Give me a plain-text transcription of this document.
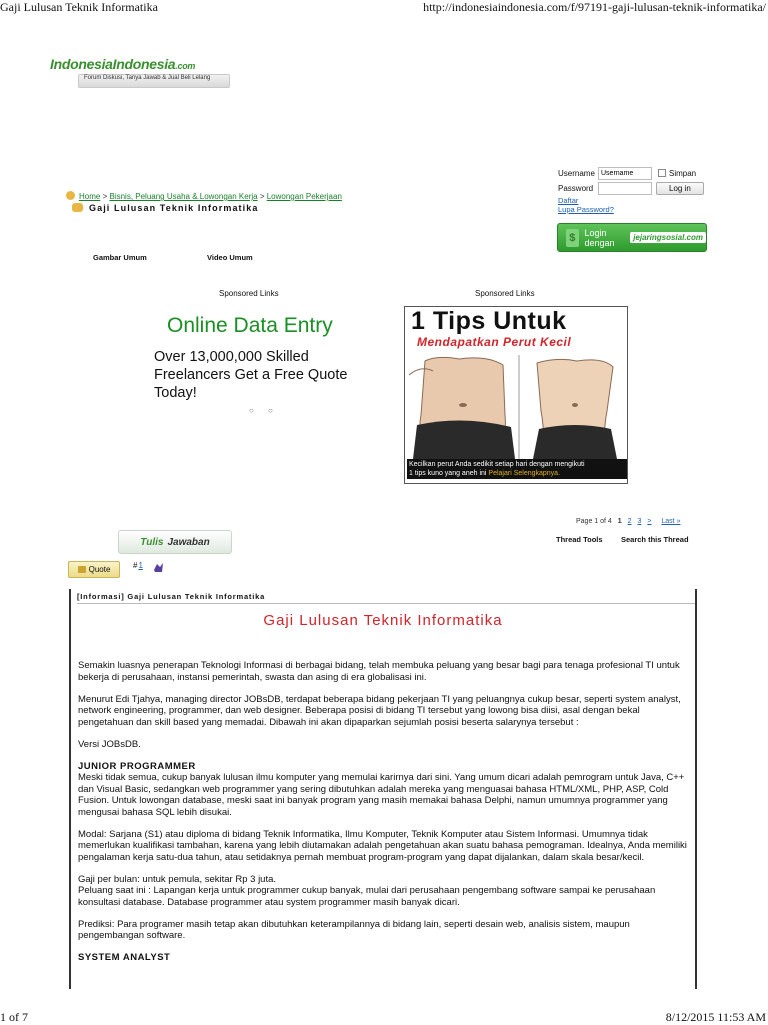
Gaji Lulusan Teknik Informatika	http://indonesiaindonesia.com/f/97191-gaji-lulusan-teknik-informatika/
IndonesiaIndonesia.com
Forum Diskusi, Tanya Jawab & Jual Beli Lelang
Username
Username	Simpan
Password	Log in
Daftar
Lupa Password?
$	Login dengan	jejaringsosial.com
Home > Bisnis, Peluang Usaha & Lowongan Kerja > Lowongan Pekerjaan
Gaji Lulusan Teknik Informatika
Gambar Umum	Video Umum
Sponsored Links	Sponsored Links
Online Data Entry
Over 13,000,000 Skilled Freelancers Get a Free Quote Today!
○ ○
1 Tips Untuk
Mendapatkan Perut Kecil
Kecilkan perut Anda sedikit setiap hari dengan mengikuti
1 tips kuno yang aneh ini Pelajari Selengkapnya.
Page 1 of 4 1 2 3 > Last »
Thread Tools Search this Thread
Tulis Jawaban
Quote	#1
[Informasi] Gaji Lulusan Teknik Informatika
Gaji Lulusan Teknik Informatika

Semakin luasnya penerapan Teknologi Informasi di berbagai bidang, telah membuka peluang yang besar bagi para tenaga profesional TI untuk bekerja di perusahaan, instansi pemerintah, swasta dan asing di era globalisasi ini.

Menurut Edi Tjahya, managing director JOBsDB, terdapat beberapa bidang pekerjaan TI yang peluangnya cukup besar, seperti system analyst, network engineering, programmer, dan web designer. Beberapa posisi di bidang TI tersebut yang lowong bisa diisi, asal dengan bekal pengetahuan dan skill based yang memadai. Dibawah ini akan dipaparkan sejumlah posisi beserta salarynya tersebut :

Versi JOBsDB.

JUNIOR PROGRAMMER

Meski tidak semua, cukup banyak lulusan ilmu komputer yang memulai karirnya dari sini. Yang umum dicari adalah pemrogram untuk Java, C++ dan Visual Basic, sedangkan web programmer yang sering dibutuhkan adalah mereka yang menguasai bahasa HTML/XML, PHP, ASP, Cold Fusion. Untuk lowongan database, meski saat ini banyak program yang masih memakai bahasa Delphi, namun umumnya programmer yang mengusai bahasa SQL lebih disukai.

Modal: Sarjana (S1) atau diploma di bidang Teknik Informatika, Ilmu Komputer, Teknik Komputer atau Sistem Informasi. Umumnya tidak memerlukan kualifikasi tambahan, karena yang lebih diutamakan adalah pengetahuan akan suatu bahasa pemograman. Idealnya, Anda memiliki pengalaman kerja satu-dua tahun, atau setidaknya pernah membuat program-program yang dapat dijalankan, dalam skala besar/kecil.

Gaji per bulan: untuk pemula, sekitar Rp 3 juta.
Peluang saat ini : Lapangan kerja untuk programmer cukup banyak, mulai dari perusahaan pengembang software sampai ke perusahaan konsultasi database. Database programmer atau system programmer masih banyak dicari.

Prediksi: Para programer masih tetap akan dibutuhkan keterampilannya di bidang lain, seperti desain web, analisis sistem, maupun pengembangan software.

SYSTEM ANALYST
1 of 7	8/12/2015 11:53 AM
